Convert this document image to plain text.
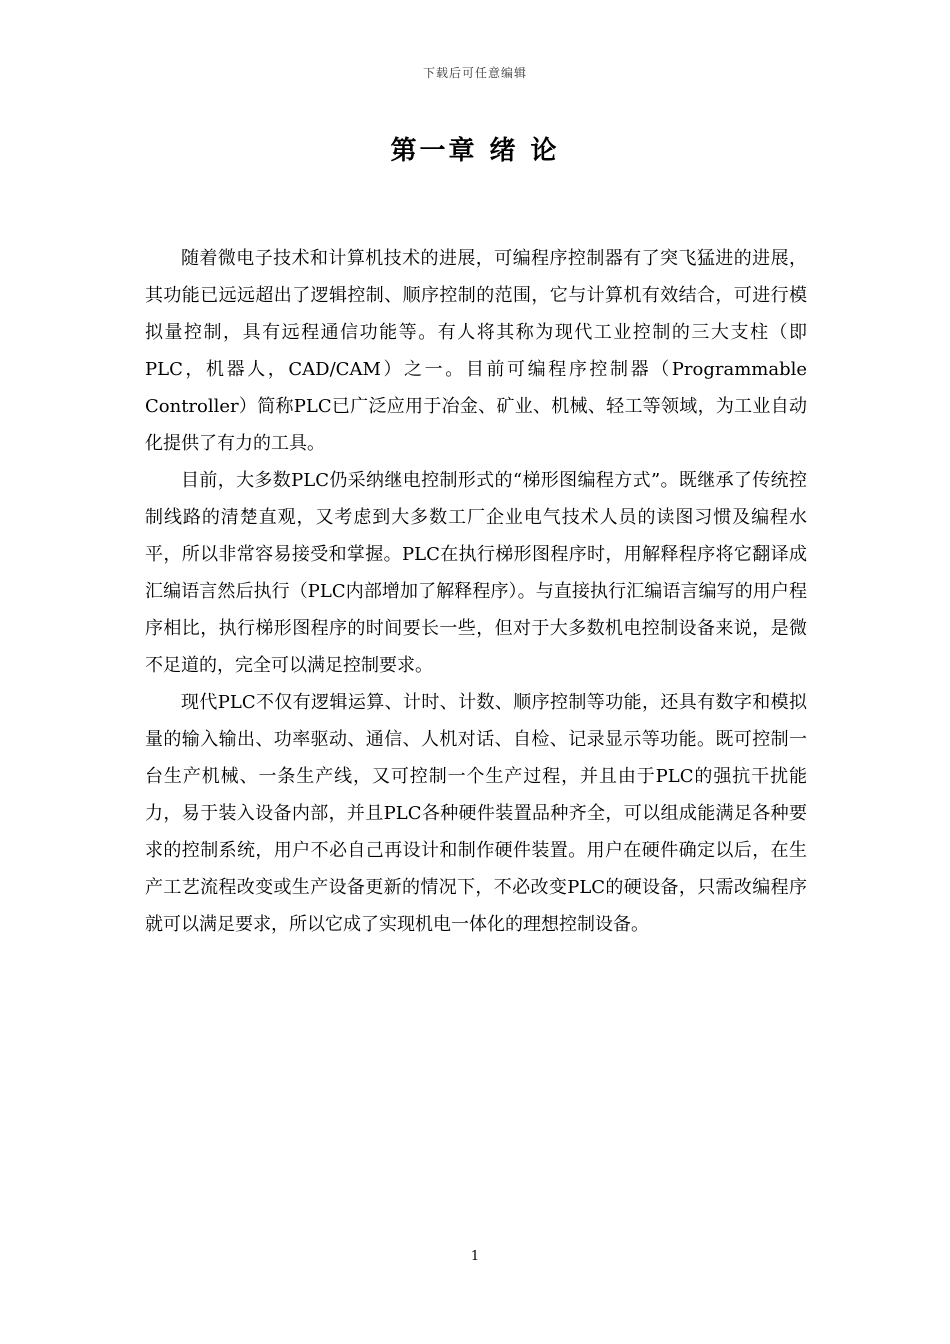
下载后可任意编辑
第一章 绪 论

随着微电子技术和计算机技术的进展，可编程序控制器有了突飞猛进的进展，其功能已远远超出了逻辑控制、顺序控制的范围，它与计算机有效结合，可进行模拟量控制，具有远程通信功能等。有人将其称为现代工业控制的三大支柱（即PLC，机器人，CAD/CAM）之一。目前可编程序控制器（Programmable Controller）简称PLC已广泛应用于冶金、矿业、机械、轻工等领域，为工业自动化提供了有力的工具。

目前，大多数PLC仍采纳继电控制形式的“梯形图编程方式”。既继承了传统控制线路的清楚直观，又考虑到大多数工厂企业电气技术人员的读图习惯及编程水平，所以非常容易接受和掌握。PLC在执行梯形图程序时，用解释程序将它翻译成汇编语言然后执行（PLC内部增加了解释程序）。与直接执行汇编语言编写的用户程序相比，执行梯形图程序的时间要长一些，但对于大多数机电控制设备来说，是微不足道的，完全可以满足控制要求。

现代PLC不仅有逻辑运算、计时、计数、顺序控制等功能，还具有数字和模拟量的输入输出、功率驱动、通信、人机对话、自检、记录显示等功能。既可控制一台生产机械、一条生产线，又可控制一个生产过程，并且由于PLC的强抗干扰能力，易于装入设备内部，并且PLC各种硬件装置品种齐全，可以组成能满足各种要求的控制系统，用户不必自己再设计和制作硬件装置。用户在硬件确定以后，在生产工艺流程改变或生产设备更新的情况下，不必改变PLC的硬设备，只需改编程序就可以满足要求，所以它成了实现机电一体化的理想控制设备。

1
